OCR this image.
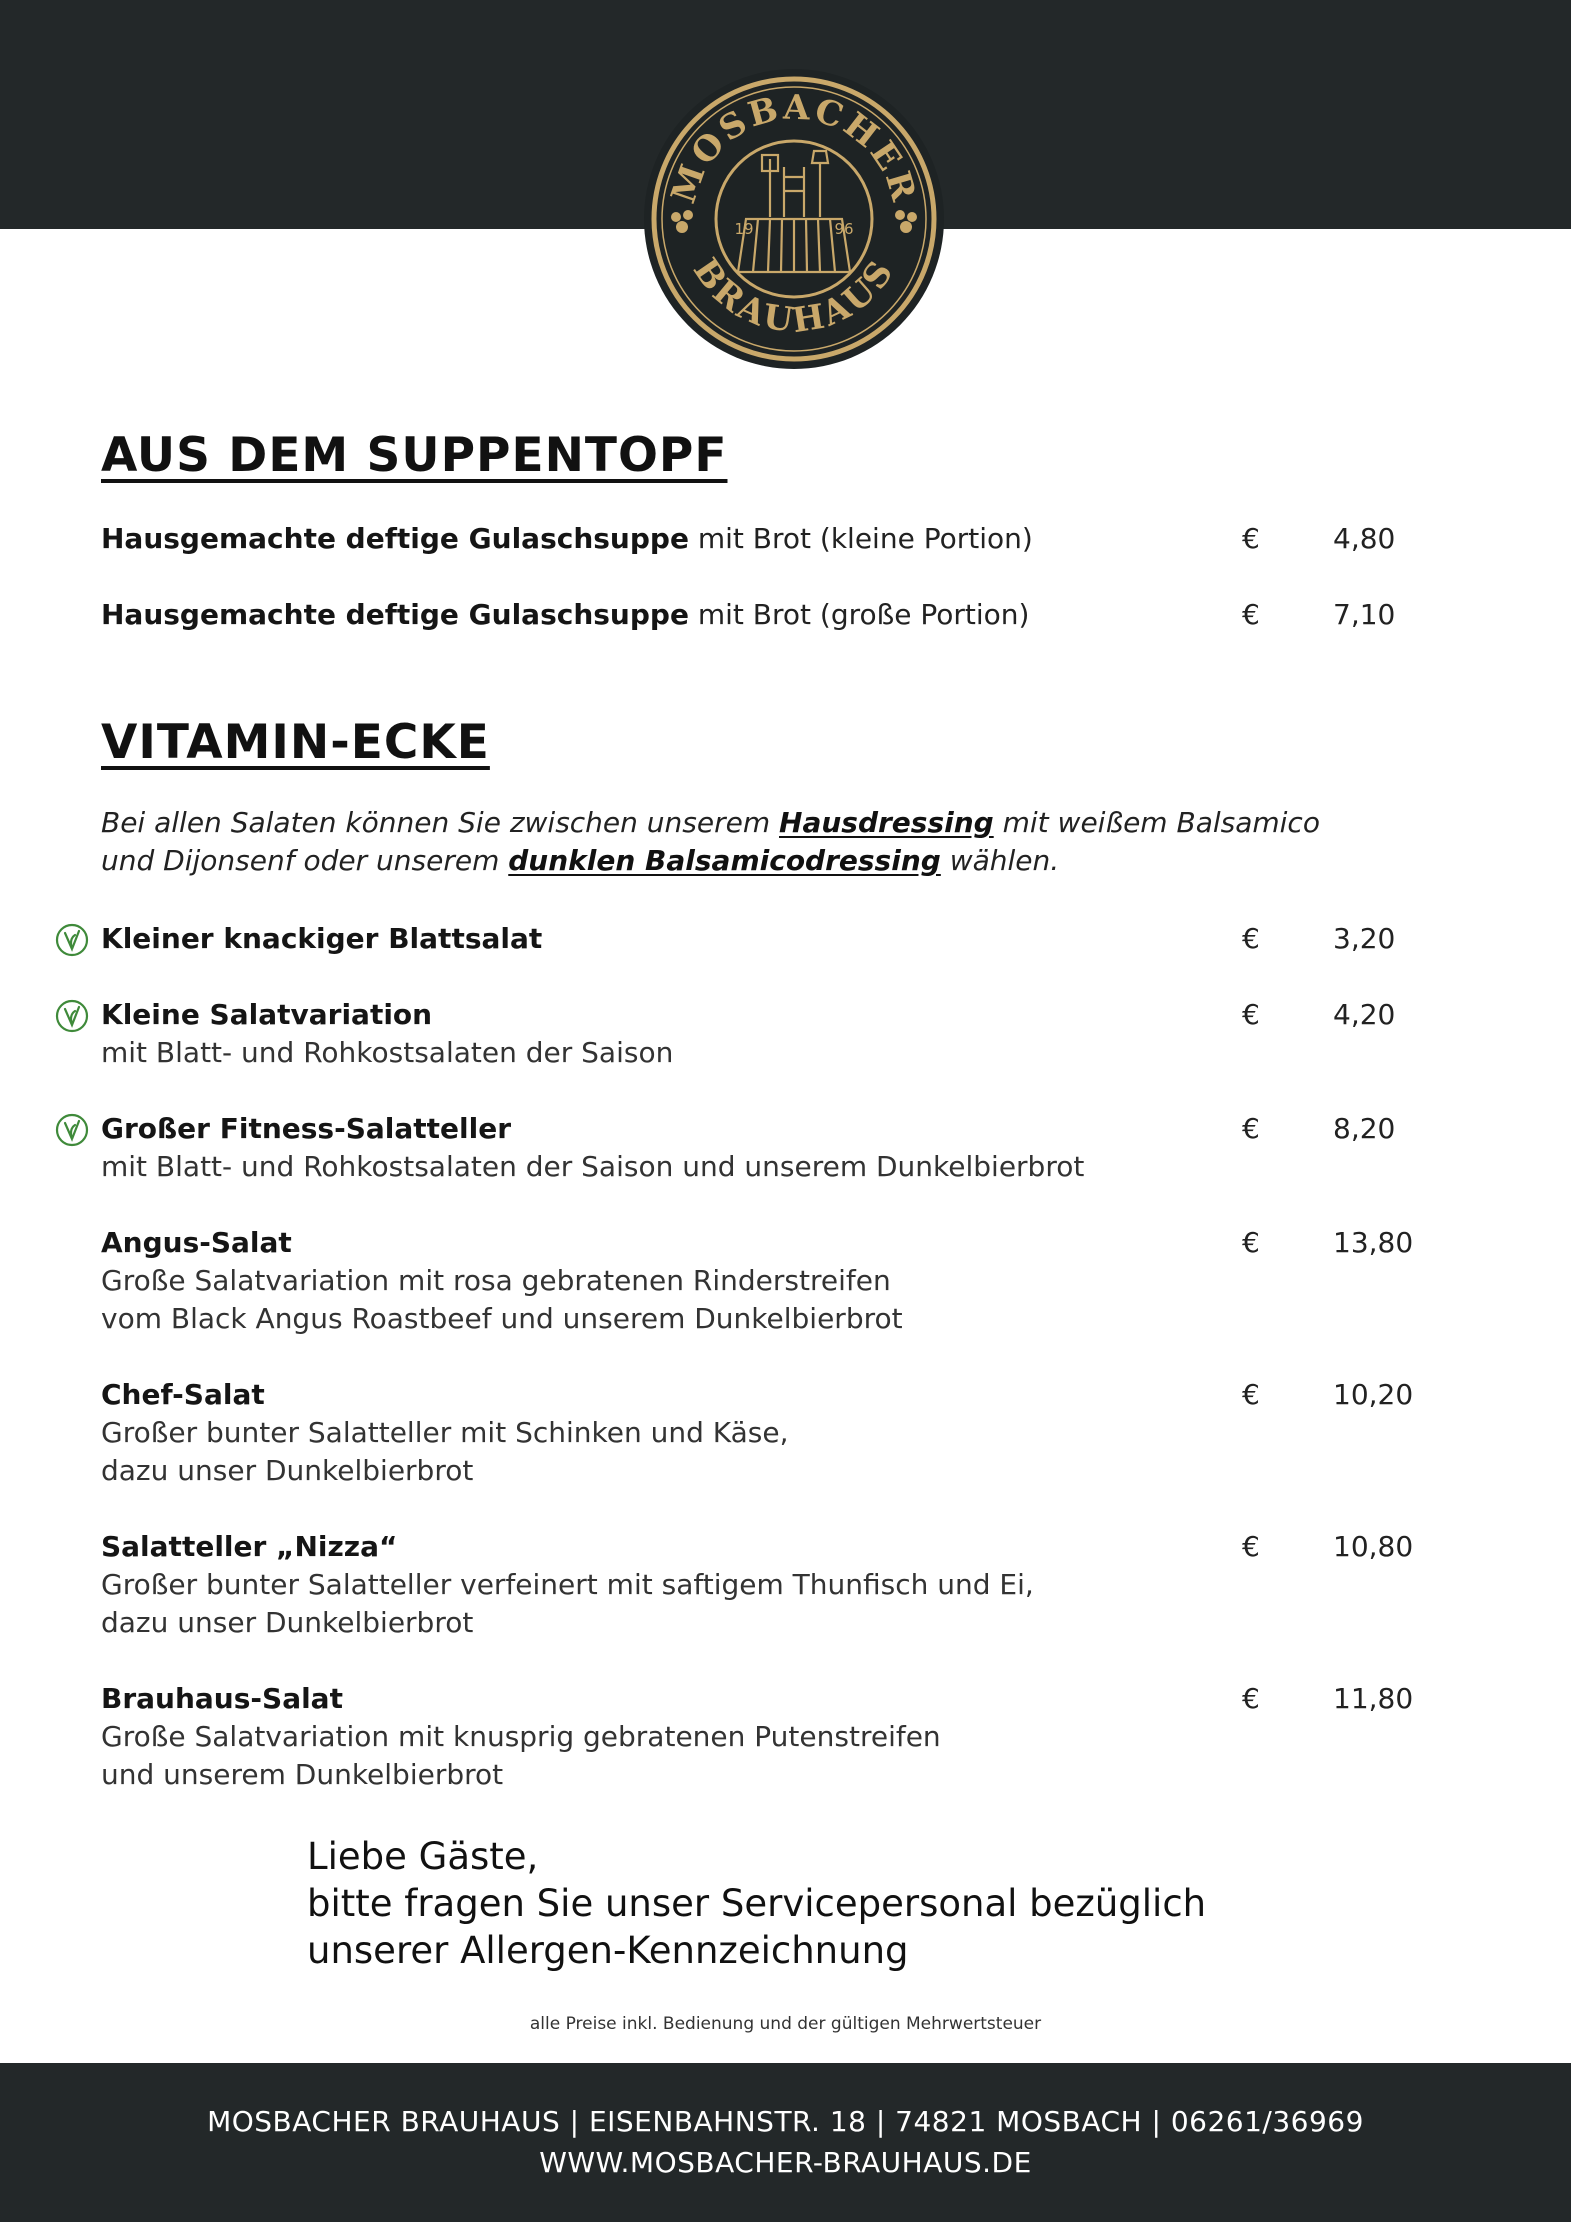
MOSBACHER
BRAUHAUS
19	96
AUS DEM SUPPENTOPF
Hausgemachte deftige Gulaschsuppe mit Brot (kleine Portion)	€	4,80
Hausgemachte deftige Gulaschsuppe mit Brot (große Portion)	€	7,10
VITAMIN-ECKE
Bei allen Salaten können Sie zwischen unserem Hausdressing mit weißem Balsamico
und Dijonsenf oder unserem dunklen Balsamicodressing wählen.
Kleiner knackiger Blattsalat	€	3,20
Kleine Salatvariation
mit Blatt- und Rohkostsalaten der Saison
€	4,20
Großer Fitness-Salatteller
mit Blatt- und Rohkostsalaten der Saison und unserem Dunkelbierbrot
€	8,20
Angus-Salat
Große Salatvariation mit rosa gebratenen Rinderstreifen
vom Black Angus Roastbeef und unserem Dunkelbierbrot
€	13,80
Chef-Salat
Großer bunter Salatteller mit Schinken und Käse,
dazu unser Dunkelbierbrot
€	10,20
Salatteller „Nizza“
Großer bunter Salatteller verfeinert mit saftigem Thunfisch und Ei,
dazu unser Dunkelbierbrot
€	10,80
Brauhaus-Salat
Große Salatvariation mit knusprig gebratenen Putenstreifen
und unserem Dunkelbierbrot
€	11,80
Liebe Gäste,
bitte fragen Sie unser Servicepersonal bezüglich
unserer Allergen-Kennzeichnung
alle Preise inkl. Bedienung und der gültigen Mehrwertsteuer
MOSBACHER BRAUHAUS | EISENBAHNSTR. 18 | 74821 MOSBACH | 06261/36969
WWW.MOSBACHER-BRAUHAUS.DE
